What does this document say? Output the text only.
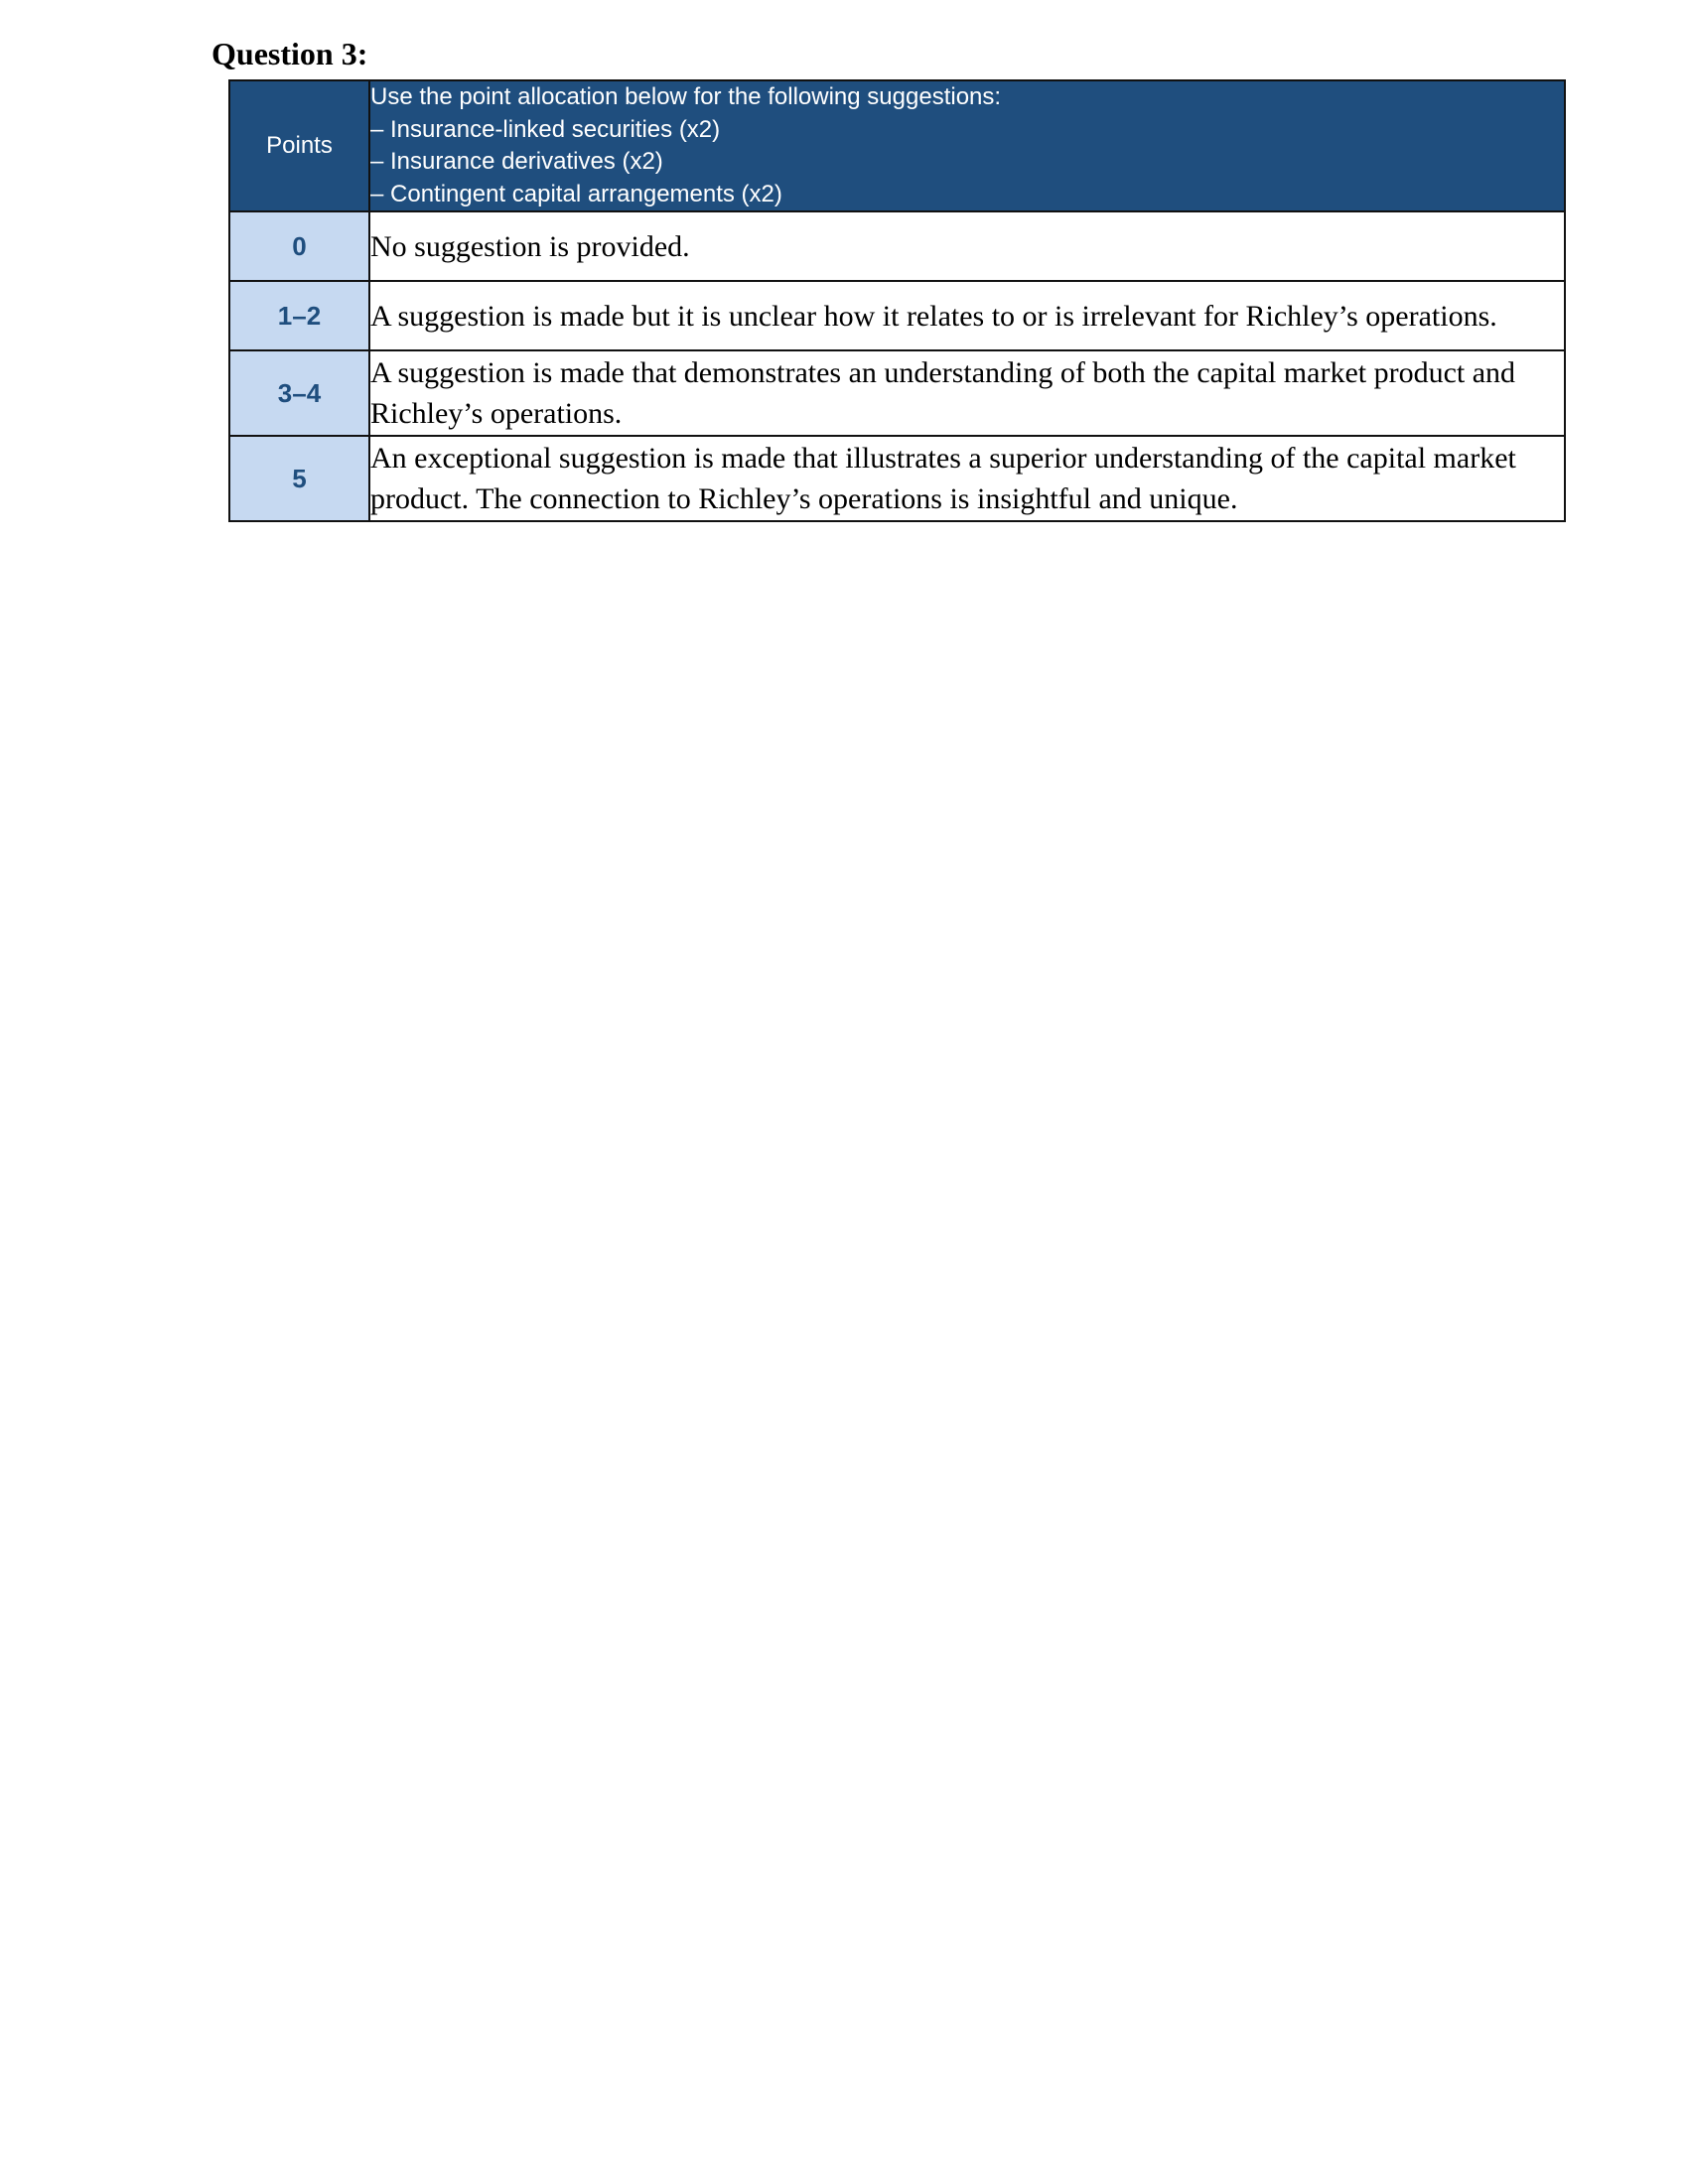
Question 3:
Points	Use the point allocation below for the following suggestions:
– Insurance-linked securities (x2)
– Insurance derivatives (x2)
– Contingent capital arrangements (x2)

0	No suggestion is provided.
1–2	A suggestion is made but it is unclear how it relates to or is irrelevant for Richley’s operations.
3–4	A suggestion is made that demonstrates an understanding of both the capital market product and Richley’s operations.
5	An exceptional suggestion is made that illustrates a superior understanding of the capital market product. The connection to Richley’s operations is insightful and unique.
